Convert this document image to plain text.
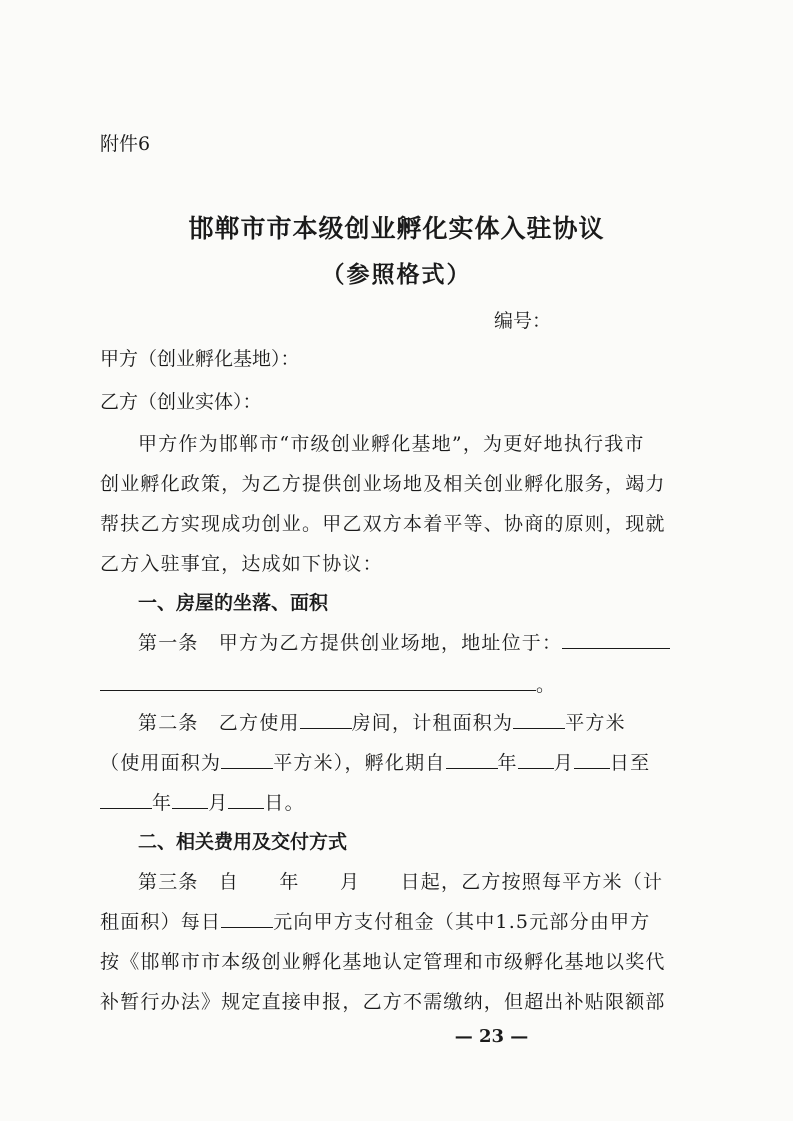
附件6
邯郸市市本级创业孵化实体入驻协议
（参照格式）
编号：
甲方（创业孵化基地）：
乙方（创业实体）：
甲方作为邯郸市“市级创业孵化基地”，为更好地执行我市
创业孵化政策，为乙方提供创业场地及相关创业孵化服务，竭力
帮扶乙方实现成功创业。甲乙双方本着平等、协商的原则，现就
乙方入驻事宜，达成如下协议：
一、房屋的坐落、面积
第一条　甲方为乙方提供创业场地，地址位于：
。
第二条　乙方使用	房间，计租面积为	平方米
（使用面积为	平方米），孵化期自	年 月 日至
年 月 日。
二、相关费用及交付方式
第三条　自　　年　　月　　日起，乙方按照每平方米（计
租面积）每日	元向甲方支付租金（其中1.5元部分由甲方
按《邯郸市市本级创业孵化基地认定管理和市级孵化基地以奖代
补暂行办法》规定直接申报，乙方不需缴纳，但超出补贴限额部
— 23 —
